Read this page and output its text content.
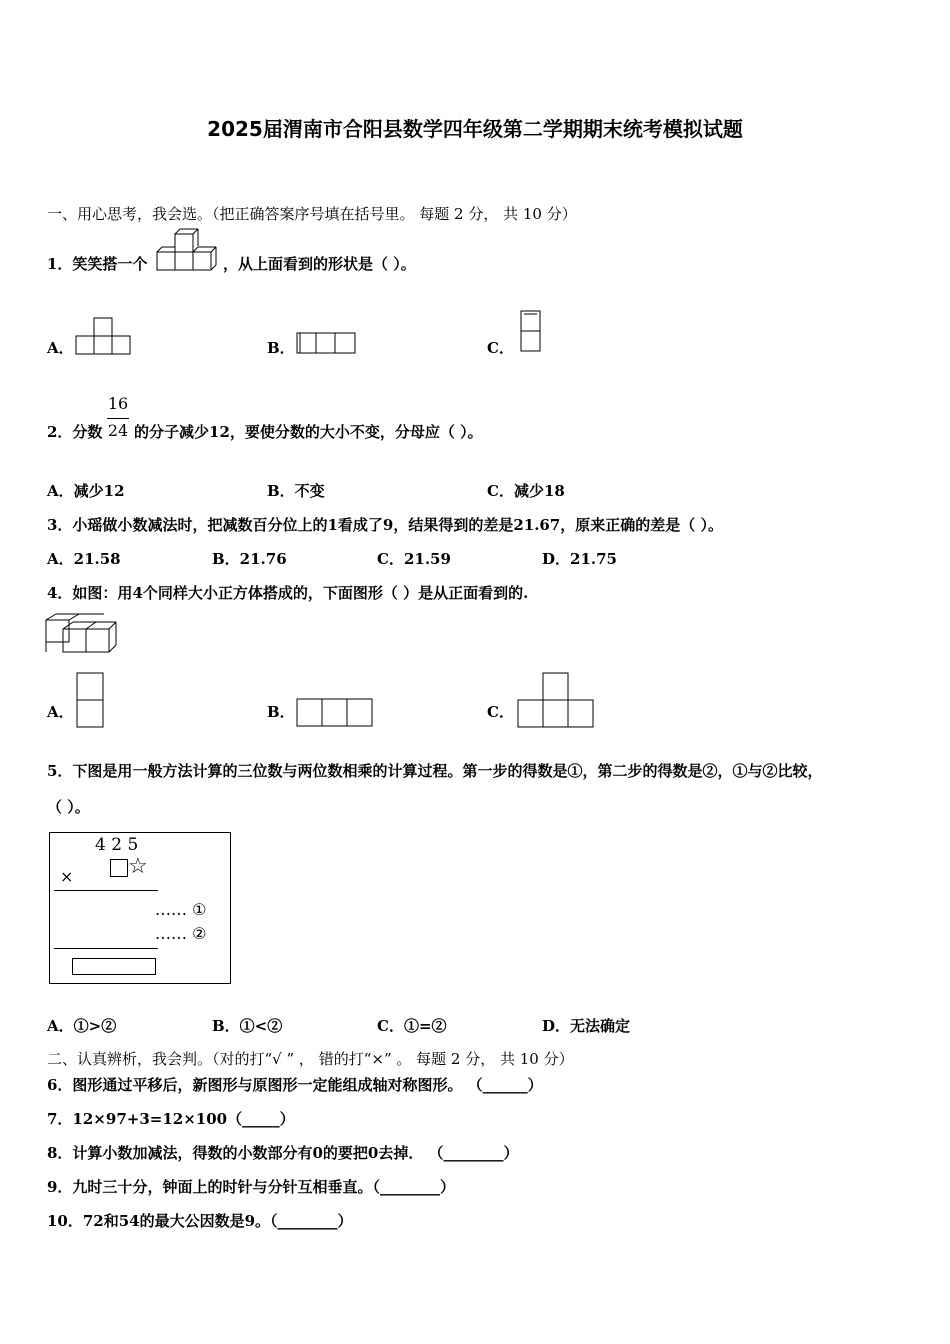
2025届渭南市合阳县数学四年级第二学期期末统考模拟试题
一、用心思考，我会选。（把正确答案序号填在括号里。 每题 2 分， 共 10 分）
1．笑笑搭一个	，从上面看到的形状是（ ）。
A．	B．	C．
2．分数
16
24 的分子减少12，要使分数的大小不变，分母应（ ）。
A．减少12	B．不变	C．减少18
3．小瑶做小数减法时，把减数百分位上的1看成了9，结果得到的差是21.67，原来正确的差是（ ）。
A．21.58	B．21.76	C．21.59	D．21.75
4．如图：用4个同样大小正方体搭成的，下面图形（ ）是从正面看到的.
A．	B．	C．
5．下图是用一般方法计算的三位数与两位数相乘的计算过程。第一步的得数是①，第二步的得数是②，①与②比较，
（ ）。
4 2 5
× ☆
…… ①
…… ②
A．①>②	B．①<②	C．①=②	D．无法确定
二、认真辨析，我会判。（对的打“√ ” ， 错的打“×” 。 每题 2 分， 共 10 分）
6．图形通过平移后，新图形与原图形一定能组成轴对称图形。 （______）
7．12×97+3=12×100（_____）
8．计算小数加减法，得数的小数部分有0的要把0去掉． （________）
9．九时三十分，钟面上的时针与分针互相垂直。（________）
10．72和54的最大公因数是9。（________）
